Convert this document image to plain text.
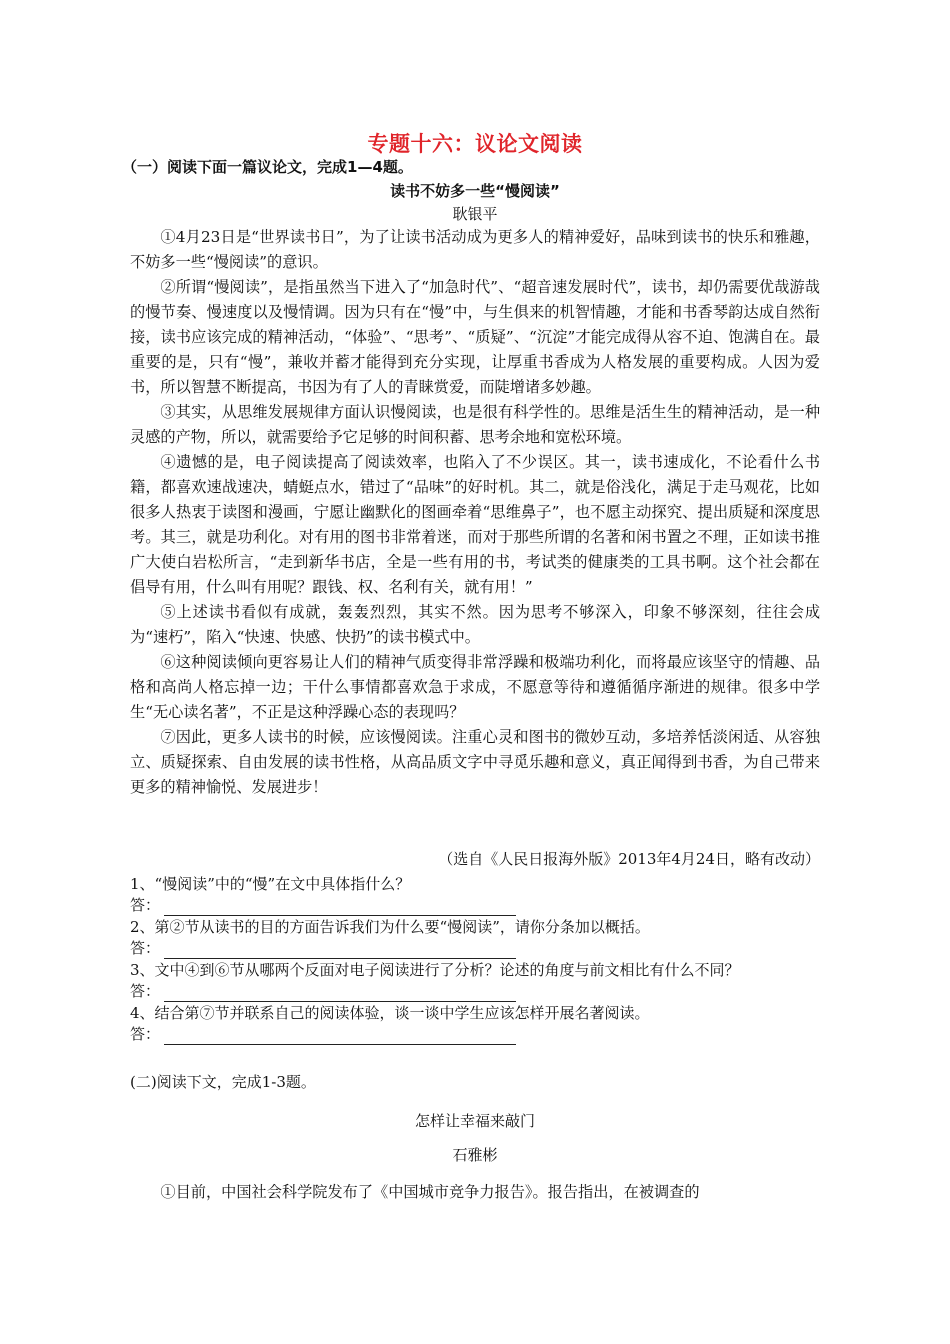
专题十六：议论文阅读
（一）阅读下面一篇议论文，完成1—4题。
读书不妨多一些“慢阅读”
耿银平

①4月23日是“世界读书日”，为了让读书活动成为更多人的精神爱好，品味到读书的快乐和雅趣，不妨多一些“慢阅读”的意识。

②所谓“慢阅读”，是指虽然当下进入了“加急时代”、“超音速发展时代”，读书，却仍需要优哉游哉的慢节奏、慢速度以及慢情调。因为只有在“慢”中，与生俱来的机智情趣，才能和书香琴韵达成自然衔接，读书应该完成的精神活动，“体验”、“思考”、“质疑”、“沉淀”才能完成得从容不迫、饱满自在。最重要的是，只有“慢”，兼收并蓄才能得到充分实现，让厚重书香成为人格发展的重要构成。人因为爱书，所以智慧不断提高，书因为有了人的青睐赏爱，而陡增诸多妙趣。

③其实，从思维发展规律方面认识慢阅读，也是很有科学性的。思维是活生生的精神活动，是一种灵感的产物，所以，就需要给予它足够的时间积蓄、思考余地和宽松环境。

④遗憾的是，电子阅读提高了阅读效率，也陷入了不少误区。其一，读书速成化，不论看什么书籍，都喜欢速战速决，蜻蜓点水，错过了“品味”的好时机。其二，就是俗浅化，满足于走马观花，比如很多人热衷于读图和漫画，宁愿让幽默化的图画牵着“思维鼻子”，也不愿主动探究、提出质疑和深度思考。其三，就是功利化。对有用的图书非常着迷，而对于那些所谓的名著和闲书置之不理，正如读书推广大使白岩松所言，“走到新华书店，全是一些有用的书，考试类的健康类的工具书啊。这个社会都在倡导有用，什么叫有用呢？跟钱、权、名利有关，就有用！”

⑤上述读书看似有成就，轰轰烈烈，其实不然。因为思考不够深入，印象不够深刻，往往会成为“速朽”，陷入“快速、快感、快扔”的读书模式中。

⑥这种阅读倾向更容易让人们的精神气质变得非常浮躁和极端功利化，而将最应该坚守的情趣、品格和高尚人格忘掉一边；干什么事情都喜欢急于求成，不愿意等待和遵循循序渐进的规律。很多中学生“无心读名著”，不正是这种浮躁心态的表现吗？

⑦因此，更多人读书的时候，应该慢阅读。注重心灵和图书的微妙互动，多培养恬淡闲适、从容独立、质疑探索、自由发展的读书性格，从高品质文字中寻觅乐趣和意义，真正闻得到书香，为自己带来更多的精神愉悦、发展进步！

（选自《人民日报海外版》2013年4月24日，略有改动）

1、“慢阅读”中的“慢”在文中具体指什么？

答：

2、第②节从读书的目的方面告诉我们为什么要“慢阅读”，请你分条加以概括。

答：

3、文中④到⑥节从哪两个反面对电子阅读进行了分析？论述的角度与前文相比有什么不同？

答：

4、结合第⑦节并联系自己的阅读体验，谈一谈中学生应该怎样开展名著阅读。

答：
(二)阅读下文，完成1-3题。
怎样让幸福来敲门
石雅彬

①目前，中国社会科学院发布了《中国城市竞争力报告》。报告指出，在被调查的
